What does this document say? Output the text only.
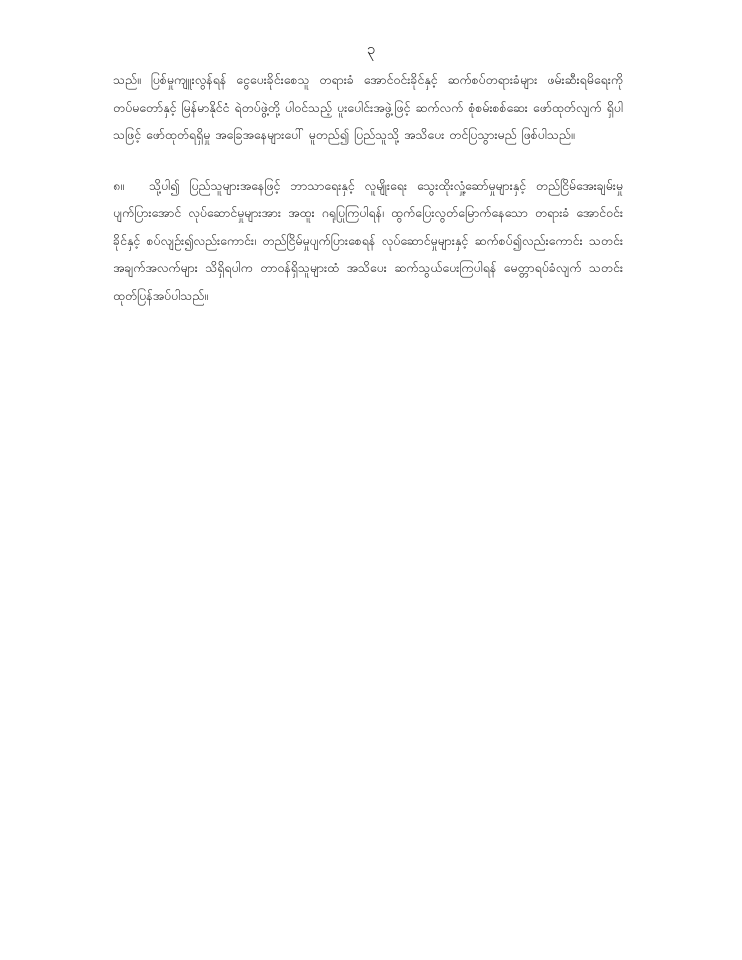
၃

သည်။ ပြစ်မှုကျူးလွန်ရန် ငွေပေးခိုင်းစေသူ တရားခံ အောင်ဝင်းခိုင်နှင့် ဆက်စပ်တရားခံများ ဖမ်းဆီးရမိရေးကို တပ်မတော်နှင့် မြန်မာနိုင်ငံ ရဲတပ်ဖွဲ့တို့ ပါဝင်သည့် ပူးပေါင်းအဖွဲ့ဖြင့် ဆက်လက် စုံစမ်းစစ်ဆေး ဖော်ထုတ်လျက် ရှိပါသဖြင့် ဖော်ထုတ်ရရှိမှု အခြေအနေများပေါ် မူတည်၍ ပြည်သူသို့ အသိပေး တင်ပြသွားမည် ဖြစ်ပါသည်။

၈။ သို့ပါ၍ ပြည်သူများအနေဖြင့် ဘာသာရေးနှင့် လူမျိုးရေး သွေးထိုးလှုံ့ဆော်မှုများနှင့် တည်ငြိမ်အေးချမ်းမှုပျက်ပြားအောင် လုပ်ဆောင်မှုများအား အထူး ဂရုပြုကြပါရန်၊ ထွက်ပြေးလွတ်မြောက်နေသော တရားခံ အောင်ဝင်းခိုင်နှင့် စပ်လျဉ်း၍လည်းကောင်း၊ တည်ငြိမ်မှုပျက်ပြားစေရန် လုပ်ဆောင်မှုများနှင့် ဆက်စပ်၍လည်းကောင်း သတင်းအချက်အလက်များ သိရှိရပါက တာဝန်ရှိသူများထံ အသိပေး ဆက်သွယ်ပေးကြပါရန် မေတ္တာရပ်ခံလျက် သတင်းထုတ်ပြန်အပ်ပါသည်။
